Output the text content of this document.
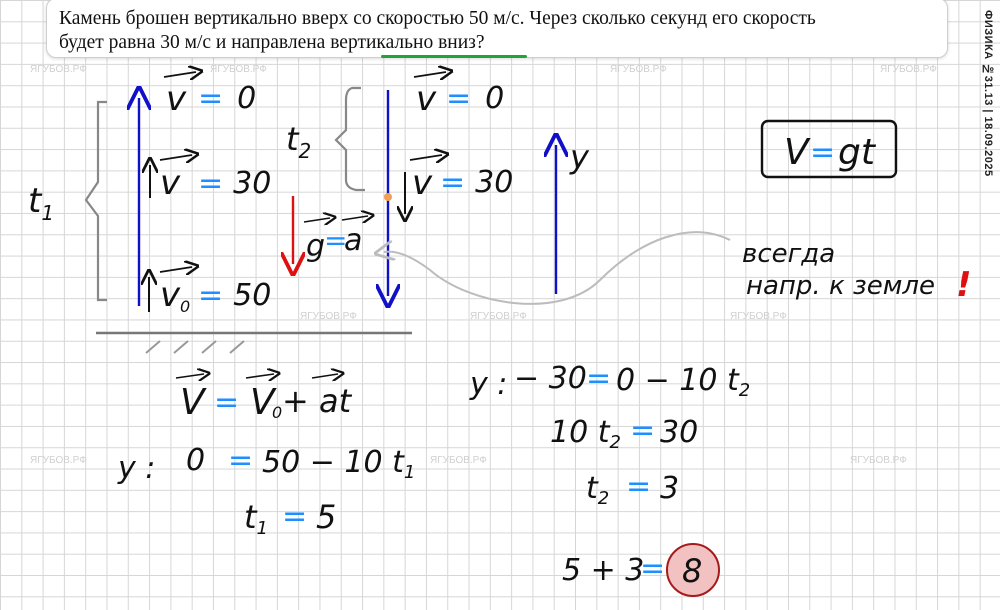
ЯГУБОВ.РФ	ЯГУБОВ.РФ	ЯГУБОВ.РФ	ЯГУБОВ.РФ
ЯГУБОВ.РФ	ЯГУБОВ.РФ	ЯГУБОВ.РФ
ЯГУБОВ.РФ	ЯГУБОВ.РФ	ЯГУБОВ.РФ

Камень брошен вертикально вверх со скоростью 50 м/с. Через сколько секунд его скорость
будет равна 30 м/с и направлена вертикально вниз?	ФИЗИКА №31.13 | 18.09.2025
$t_1$
v = 0
v = 30
v 0 = 50
$t_2$
v = 0
v = 30
g
=
a
y	V = gt
всегда
напр. к земле !
V = V
0 + at
y : 0 = 50 − 10 $t_1$
t1 = 5
y : − 30 = 0 − 10 $t_2$
10 $t_2 = 30$
$t_2 = 3$
5 + 3
= 8
